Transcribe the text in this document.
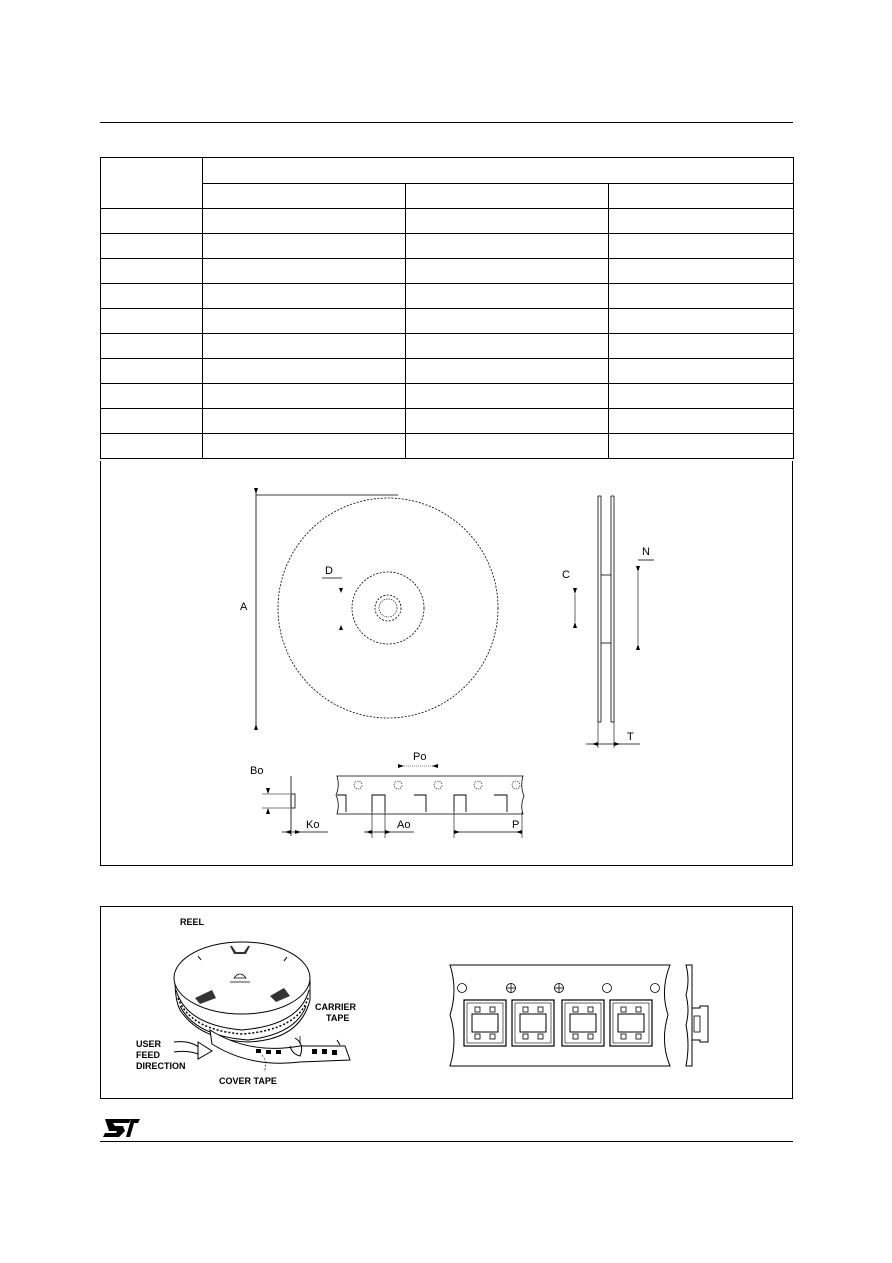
A
D	C
N
T
Bo
Po
Ko	Ao	P
REEL
CARRIER
TAPE
USER
FEED
DIRECTION
COVER TAPE
